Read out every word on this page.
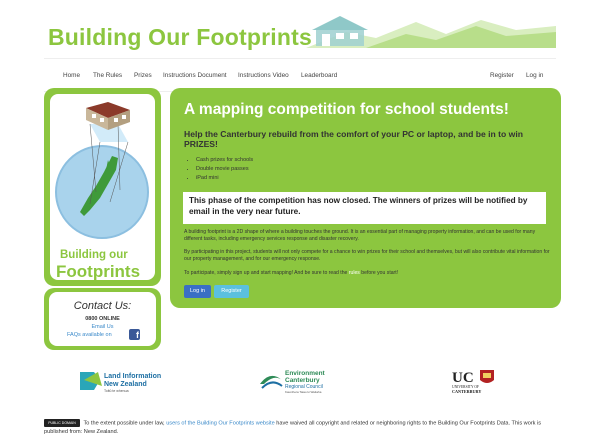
Building Our Footprints
Home The Rules Prizes Instructions Document Instructions Video Leaderboard	Register Log in
Building our
Footprints
Contact Us:
0800 ONLINE
Email Us
FAQs available on	f
A mapping competition for school students!
Help the Canterbury rebuild from the comfort of your PC or laptop, and be in to win PRIZES!
• Cash prizes for schools
• Double movie passes
• iPad mini
This phase of the competition has now closed. The winners of prizes will be notified by email in the very near future.

A building footprint is a 2D shape of where a building touches the ground. It is an essential part of managing property information, and can be used for many different tasks, including emergency services response and disaster recovery.

By participating in this project, students will not only compete for a chance to win prizes for their school and themselves, but will also contribute vital information for our property management, and for our emergency response.

To participate, simply sign up and start mapping! And be sure to read the rules before you start!

Log in	Register
Land Information
New Zealand
Toitū te whenua
Environment
Canterbury
Regional Council
Kaunihera Taiao ki Waitaha
UC
UNIVERSITY OF
CANTERBURY
PUBLIC DOMAIN To the extent possible under law, users of the Building Our Footprints website have waived all copyright and related or neighboring rights to the Building Our Footprints Data. This work is published from: New Zealand.
